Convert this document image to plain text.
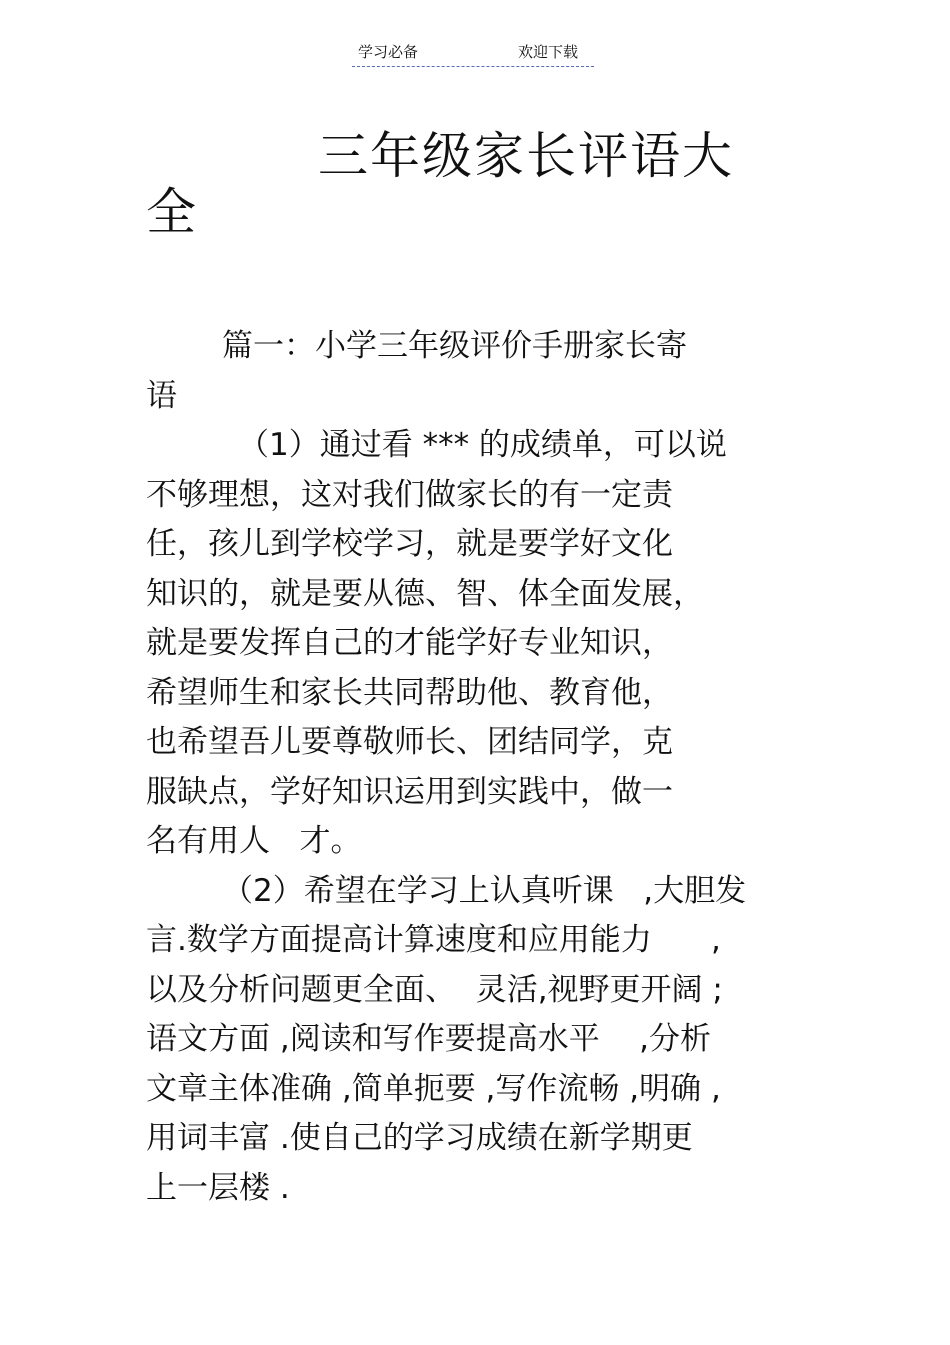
学习必备	欢迎下载
三年级家长评语大
全
篇一：小学三年级评价手册家长寄
语
（1）通过看 *** 的成绩单，可以说
不够理想，这对我们做家长的有一定责
任，孩儿到学校学习，就是要学好文化
知识的，就是要从德、智、体全面发展，
就是要发挥自己的才能学好专业知识，
希望师生和家长共同帮助他、教育他，
也希望吾儿要尊敬师长、团结同学，克
服缺点，学好知识运用到实践中，做一
名有用人   才。
（2）希望在学习上认真听课   ,大胆发
言.数学方面提高计算速度和应用能力      ,
以及分析问题更全面、  灵活,视野更开阔 ;
语文方面 ,阅读和写作要提高水平    ,分析
文章主体准确 ,简单扼要 ,写作流畅 ,明确 ,
用词丰富 .使自己的学习成绩在新学期更
上一层楼 .
